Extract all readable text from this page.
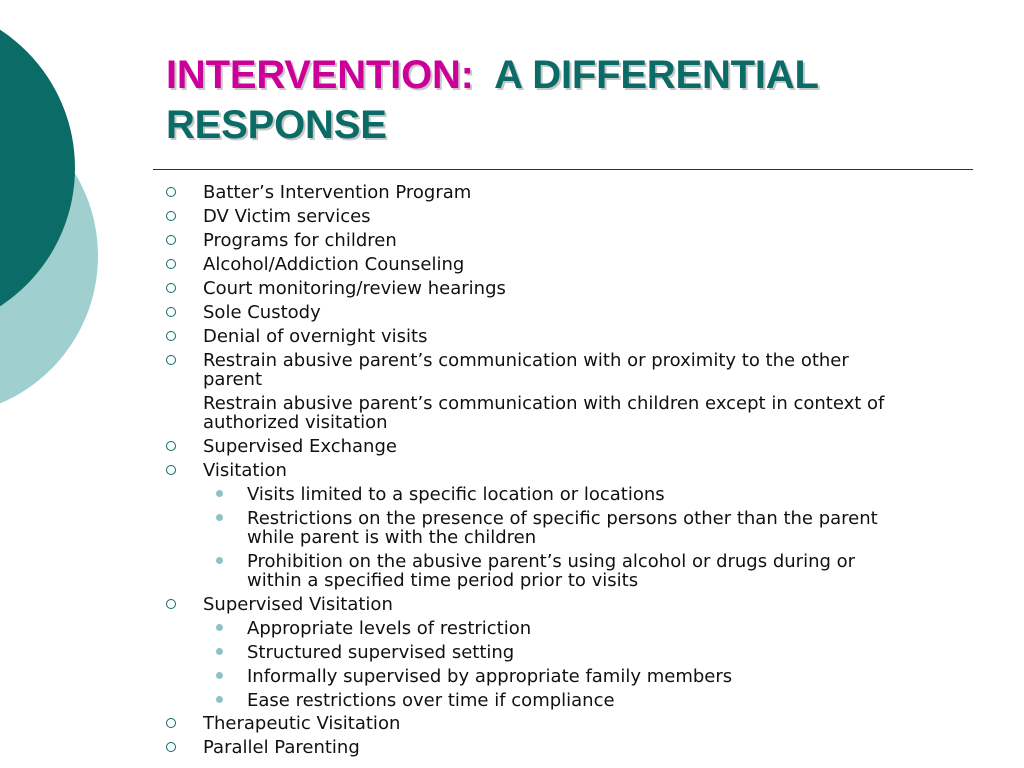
INTERVENTION: A DIFFERENTIAL
RESPONSE
Batter’s Intervention Program
DV Victim services
Programs for children
Alcohol/Addiction Counseling
Court monitoring/review hearings
Sole Custody
Denial of overnight visits
Restrain abusive parent’s communication with or proximity to the other
parent
Restrain abusive parent’s communication with children except in context of
authorized visitation
Supervised Exchange
Visitation
Visits limited to a specific location or locations
Restrictions on the presence of specific persons other than the parent
while parent is with the children
Prohibition on the abusive parent’s using alcohol or drugs during or
within a specified time period prior to visits
Supervised Visitation
Appropriate levels of restriction
Structured supervised setting
Informally supervised by appropriate family members
Ease restrictions over time if compliance
Therapeutic Visitation
Parallel Parenting
